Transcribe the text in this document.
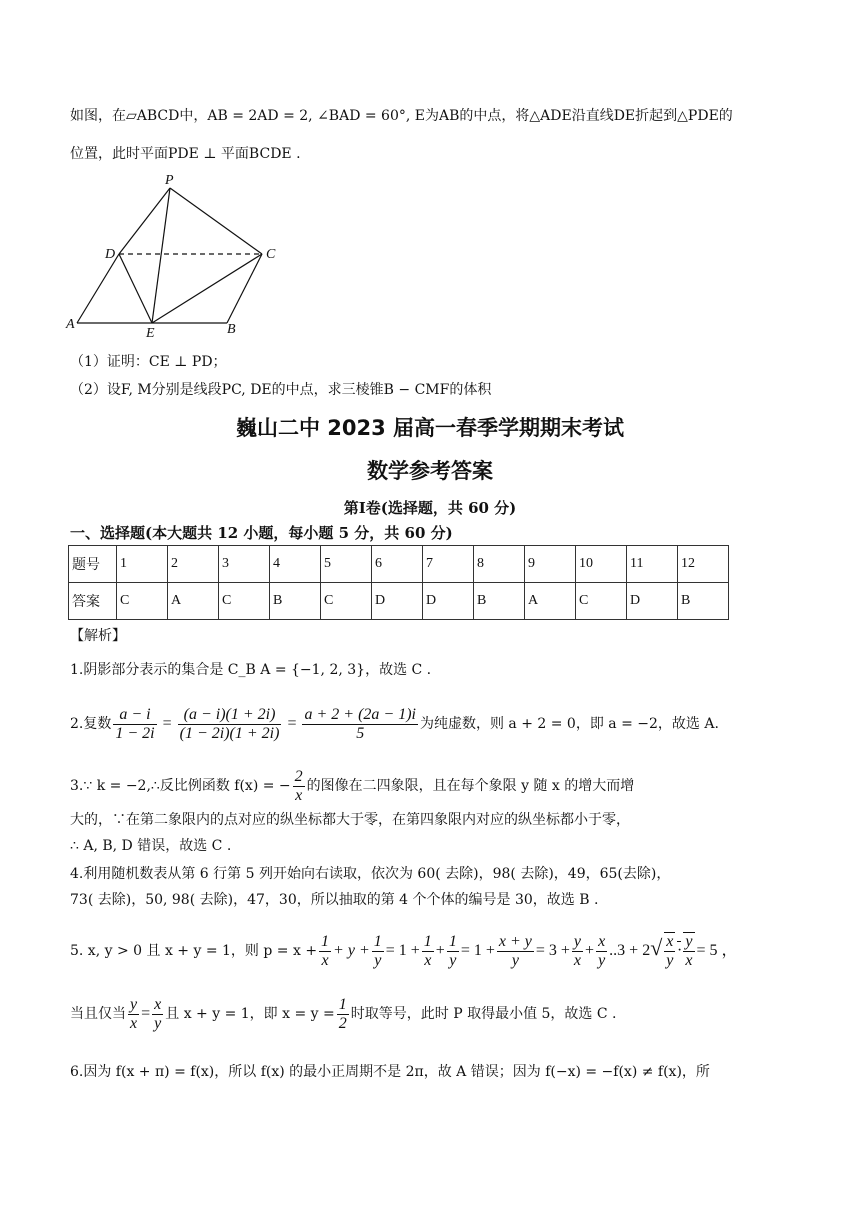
如图，在▱ABCD中，AB = 2AD = 2, ∠BAD = 60°, E为AB的中点，将△ADE沿直线DE折起到△PDE的
位置，此时平面PDE ⊥ 平面BCDE .
P
D	C
A
E	B
（1）证明：CE ⊥ PD；
（2）设F, M分别是线段PC, DE的中点，求三棱锥B − CMF的体积
巍山二中 2023 届高一春季学期期末考试
数学参考答案
第Ⅰ卷(选择题，共 60 分)
一、选择题(本大题共 12 小题，每小题 5 分，共 60 分)
题号	1	2	3	4	5	6	7	8	9	10	11	12
答案	C	A	C	B	C	D	D	B	A	C	D	B
【解析】
1.阴影部分表示的集合是 C_B A = {−1, 2, 3}，故选 C .
2.复数 $\frac{a - i}{1 - 2i} = \frac{(a - i)(1 + 2i)}{(1 - 2i)(1 + 2i)} = \frac{a + 2 + (2a - 1)i}{5}$ 为纯虚数，则 a + 2 = 0，即 a = −2，故选 A.
3.∵ k = −2,∴反比例函数 f(x) = − $\frac{2}{x}$ 的图像在二四象限，且在每个象限 y 随 x 的增大而增
大的，∵在第二象限内的点对应的纵坐标都大于零，在第四象限内对应的纵坐标都小于零，
∴ A, B, D 错误，故选 C .
4.利用随机数表从第 6 行第 5 列开始向右读取，依次为 60( 去除)，98( 去除)，49，65(去除)，
73( 去除)，50, 98( 去除)，47，30，所以抽取的第 4 个个体的编号是 30，故选 B .
5. x, y > 0 且 x + y = 1，则 $p = x + \frac{1}{x} + y + \frac{1}{y} = 1 + \frac{1}{x} + \frac{1}{y} = 1 + \frac{x + y}{y} = 3 + \frac{y}{x} + \frac{x}{y} ..3 + 2√ \frac{x}{y} \cdot \frac{y}{x} = 5$ ，
当且仅当 $\frac{y}{x} = \frac{x}{y}$ 且 x + y = 1，即 $x = y = \frac{1}{2}$ 时取等号，此时 P 取得最小值 5，故选 C .
6.因为 f(x + π) = f(x)，所以 f(x) 的最小正周期不是 2π，故 A 错误；因为 f(−x) = −f(x) ≠ f(x)，所
